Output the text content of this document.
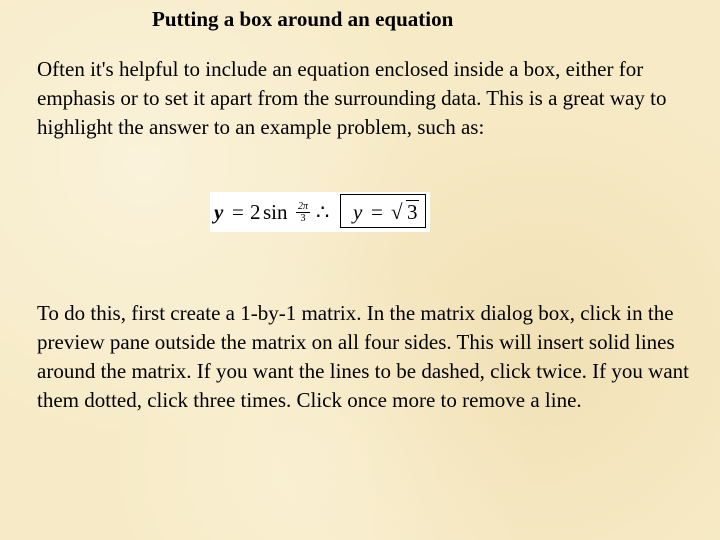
Putting a box around an equation

Often it's helpful to include an equation enclosed inside a box, either for emphasis or to set it apart from the surrounding data. This is a great way to highlight the answer to an example problem, such as:

y = 2 $\sin \frac{2\pi}{3}$ ∴ y = √ 3

To do this, first create a 1-by-1 matrix. In the matrix dialog box, click in the preview pane outside the matrix on all four sides. This will insert solid lines around the matrix. If you want the lines to be dashed, click twice. If you want them dotted, click three times. Click once more to remove a line.
